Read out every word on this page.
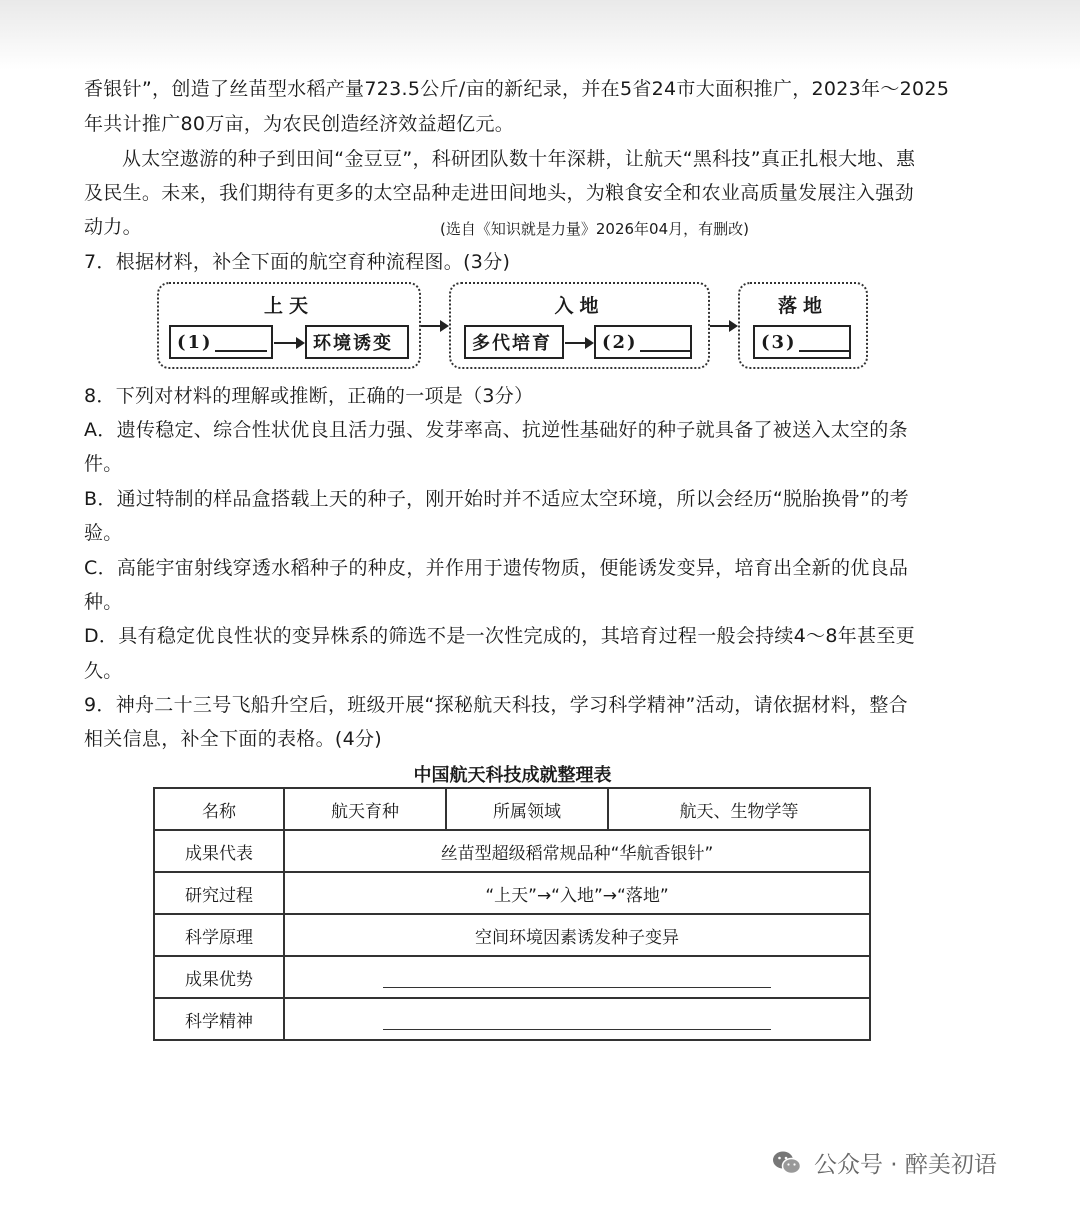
香银针”，创造了丝苗型水稻产量723.5公斤/亩的新纪录，并在5省24市大面积推广，2023年～2025
年共计推广80万亩，为农民创造经济效益超亿元。
从太空遨游的种子到田间“金豆豆”，科研团队数十年深耕，让航天“黑科技”真正扎根大地、惠
及民生。未来，我们期待有更多的太空品种走进田间地头，为粮食安全和农业高质量发展注入强劲
动力。	(选自《知识就是力量》2026年04月，有删改)
7．根据材料，补全下面的航空育种流程图。(3分)
上天
(1)	环境诱变
入地
多代培育	(2)
落地
(3)
8．下列对材料的理解或推断，正确的一项是（3分）
A．遗传稳定、综合性状优良且活力强、发芽率高、抗逆性基础好的种子就具备了被送入太空的条
件。
B．通过特制的样品盒搭载上天的种子，刚开始时并不适应太空环境，所以会经历“脱胎换骨”的考
验。
C．高能宇宙射线穿透水稻种子的种皮，并作用于遗传物质，便能诱发变异，培育出全新的优良品
种。
D．具有稳定优良性状的变异株系的筛选不是一次性完成的，其培育过程一般会持续4～8年甚至更
久。
9．神舟二十三号飞船升空后，班级开展“探秘航天科技，学习科学精神”活动，请依据材料，整合
相关信息，补全下面的表格。(4分)
中国航天科技成就整理表
名称	航天育种	所属领域	航天、生物学等
成果代表	丝苗型超级稻常规品种“华航香银针”		
研究过程	“上天”→“入地”→“落地”		
科学原理	空间环境因素诱发种子变异		
成果优势			
科学精神			
公众号 · 醉美初语
